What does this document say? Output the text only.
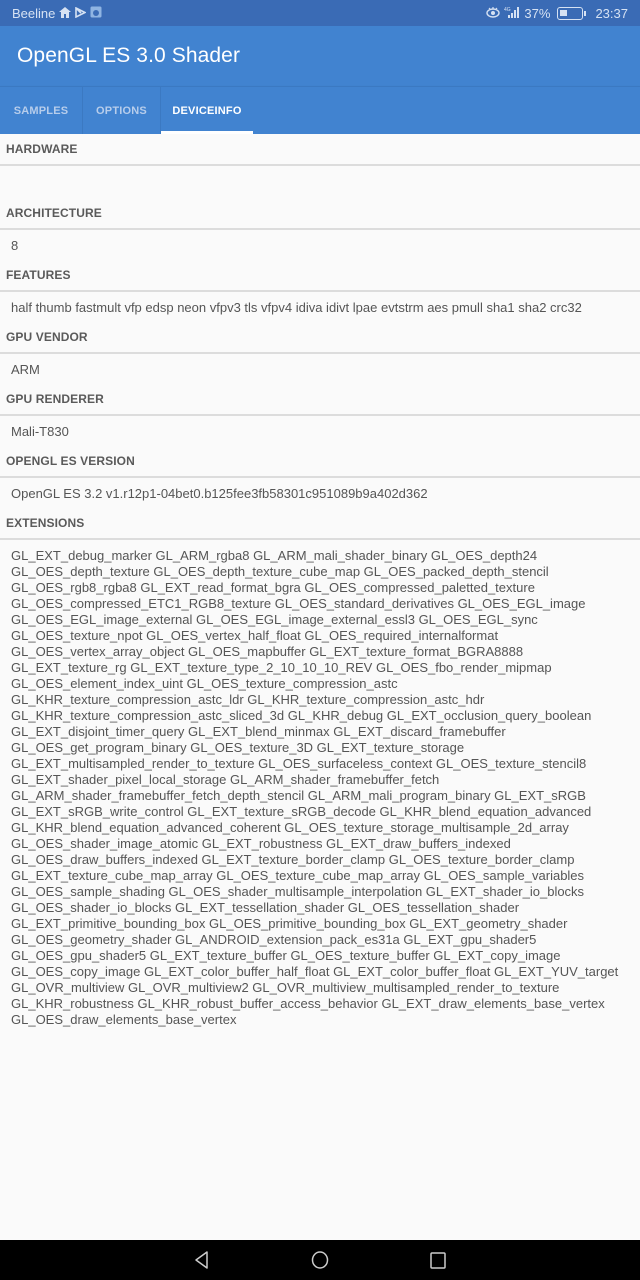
Beeline	4G 37%	23:37
OpenGL ES 3.0 Shader
SAMPLES	OPTIONS DEVICEINFO
HARDWARE
ARCHITECTURE
8
FEATURES
half thumb fastmult vfp edsp neon vfpv3 tls vfpv4 idiva idivt lpae evtstrm aes pmull sha1 sha2 crc32
GPU VENDOR
ARM
GPU RENDERER
Mali-T830
OPENGL ES VERSION
OpenGL ES 3.2 v1.r12p1-04bet0.b125fee3fb58301c951089b9a402d362
EXTENSIONS
GL_EXT_debug_marker GL_ARM_rgba8 GL_ARM_mali_shader_binary GL_OES_depth24
GL_OES_depth_texture GL_OES_depth_texture_cube_map GL_OES_packed_depth_stencil
GL_OES_rgb8_rgba8 GL_EXT_read_format_bgra GL_OES_compressed_paletted_texture
GL_OES_compressed_ETC1_RGB8_texture GL_OES_standard_derivatives GL_OES_EGL_image
GL_OES_EGL_image_external GL_OES_EGL_image_external_essl3 GL_OES_EGL_sync
GL_OES_texture_npot GL_OES_vertex_half_float GL_OES_required_internalformat
GL_OES_vertex_array_object GL_OES_mapbuffer GL_EXT_texture_format_BGRA8888
GL_EXT_texture_rg GL_EXT_texture_type_2_10_10_10_REV GL_OES_fbo_render_mipmap
GL_OES_element_index_uint GL_OES_texture_compression_astc
GL_KHR_texture_compression_astc_ldr GL_KHR_texture_compression_astc_hdr
GL_KHR_texture_compression_astc_sliced_3d GL_KHR_debug GL_EXT_occlusion_query_boolean
GL_EXT_disjoint_timer_query GL_EXT_blend_minmax GL_EXT_discard_framebuffer
GL_OES_get_program_binary GL_OES_texture_3D GL_EXT_texture_storage
GL_EXT_multisampled_render_to_texture GL_OES_surfaceless_context GL_OES_texture_stencil8
GL_EXT_shader_pixel_local_storage GL_ARM_shader_framebuffer_fetch
GL_ARM_shader_framebuffer_fetch_depth_stencil GL_ARM_mali_program_binary GL_EXT_sRGB
GL_EXT_sRGB_write_control GL_EXT_texture_sRGB_decode GL_KHR_blend_equation_advanced
GL_KHR_blend_equation_advanced_coherent GL_OES_texture_storage_multisample_2d_array
GL_OES_shader_image_atomic GL_EXT_robustness GL_EXT_draw_buffers_indexed
GL_OES_draw_buffers_indexed GL_EXT_texture_border_clamp GL_OES_texture_border_clamp
GL_EXT_texture_cube_map_array GL_OES_texture_cube_map_array GL_OES_sample_variables
GL_OES_sample_shading GL_OES_shader_multisample_interpolation GL_EXT_shader_io_blocks
GL_OES_shader_io_blocks GL_EXT_tessellation_shader GL_OES_tessellation_shader
GL_EXT_primitive_bounding_box GL_OES_primitive_bounding_box GL_EXT_geometry_shader
GL_OES_geometry_shader GL_ANDROID_extension_pack_es31a GL_EXT_gpu_shader5
GL_OES_gpu_shader5 GL_EXT_texture_buffer GL_OES_texture_buffer GL_EXT_copy_image
GL_OES_copy_image GL_EXT_color_buffer_half_float GL_EXT_color_buffer_float GL_EXT_YUV_target
GL_OVR_multiview GL_OVR_multiview2 GL_OVR_multiview_multisampled_render_to_texture
GL_KHR_robustness GL_KHR_robust_buffer_access_behavior GL_EXT_draw_elements_base_vertex
GL_OES_draw_elements_base_vertex
